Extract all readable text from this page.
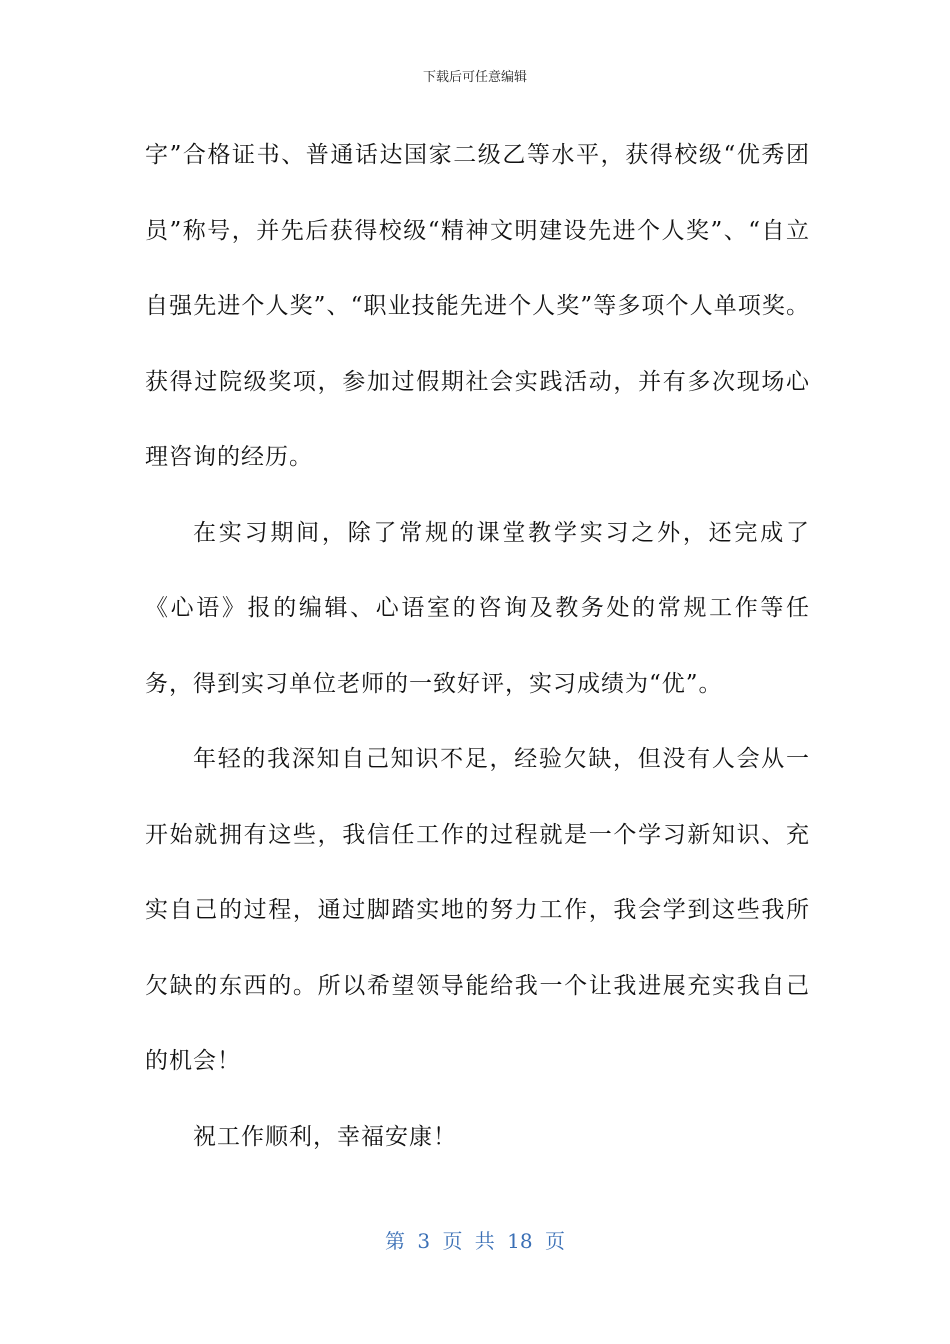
下载后可任意编辑

字”合格证书、普通话达国家二级乙等水平，获得校级“优秀团员”称号，并先后获得校级“精神文明建设先进个人奖”、“自立自强先进个人奖”、“职业技能先进个人奖”等多项个人单项奖。获得过院级奖项，参加过假期社会实践活动，并有多次现场心理咨询的经历。

在实习期间，除了常规的课堂教学实习之外，还完成了《心语》报的编辑、心语室的咨询及教务处的常规工作等任务，得到实习单位老师的一致好评，实习成绩为“优”。

年轻的我深知自己知识不足，经验欠缺，但没有人会从一开始就拥有这些，我信任工作的过程就是一个学习新知识、充实自己的过程，通过脚踏实地的努力工作，我会学到这些我所欠缺的东西的。所以希望领导能给我一个让我进展充实我自己的机会！

祝工作顺利，幸福安康！

第 3 页 共 18 页
